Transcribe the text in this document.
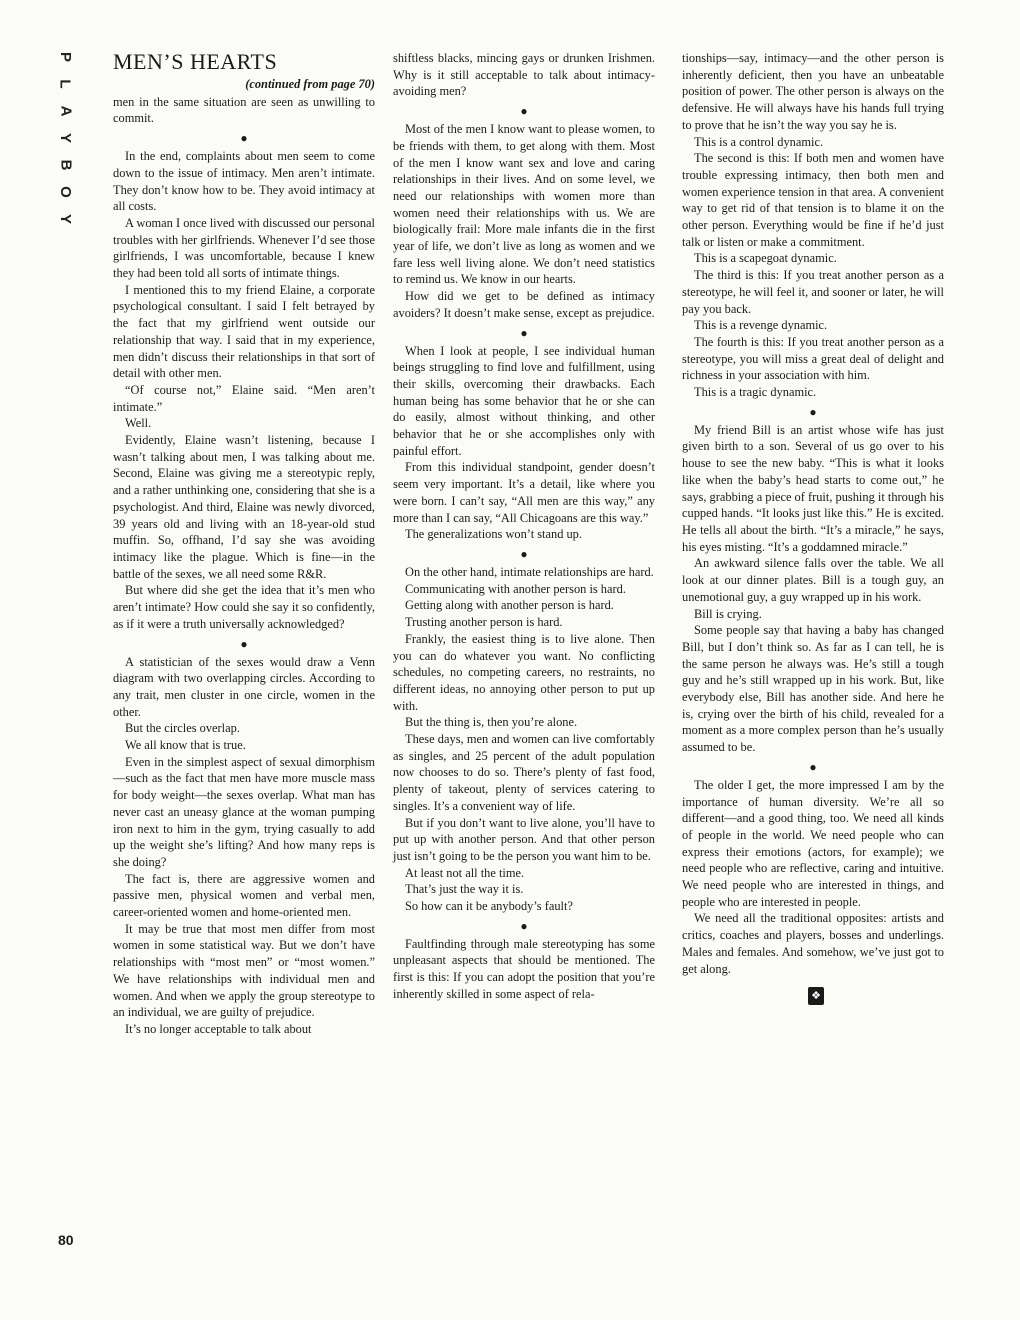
P
L
A
Y
B
O
Y
80
MEN’S HEARTS
(continued from page 70)

men in the same situation are seen as unwilling to commit.

●

In the end, complaints about men seem to come down to the issue of intimacy. Men aren’t intimate. They don’t know how to be. They avoid intimacy at all costs.

A woman I once lived with discussed our personal troubles with her girlfriends. Whenever I’d see those girlfriends, I was uncomfortable, because I knew they had been told all sorts of intimate things.

I mentioned this to my friend Elaine, a corporate psychological consultant. I said I felt betrayed by the fact that my girlfriend went outside our relationship that way. I said that in my experience, men didn’t discuss their relationships in that sort of detail with other men.

“Of course not,” Elaine said. “Men aren’t intimate.”

Well.

Evidently, Elaine wasn’t listening, because I wasn’t talking about men, I was talking about me. Second, Elaine was giving me a stereotypic reply, and a rather unthinking one, considering that she is a psychologist. And third, Elaine was newly divorced, 39 years old and living with an 18-year-old stud muffin. So, offhand, I’d say she was avoiding intimacy like the plague. Which is fine—in the battle of the sexes, we all need some R&R.

But where did she get the idea that it’s men who aren’t intimate? How could she say it so confidently, as if it were a truth universally acknowledged?

●

A statistician of the sexes would draw a Venn diagram with two overlapping circles. According to any trait, men cluster in one circle, women in the other.

But the circles overlap.

We all know that is true.

Even in the simplest aspect of sexual dimorphism—such as the fact that men have more muscle mass for body weight—the sexes overlap. What man has never cast an uneasy glance at the woman pumping iron next to him in the gym, trying casually to add up the weight she’s lifting? And how many reps is she doing?

The fact is, there are aggressive women and passive men, physical women and verbal men, career-oriented women and home-oriented men.

It may be true that most men differ from most women in some statistical way. But we don’t have relationships with “most men” or “most women.” We have relationships with individual men and women. And when we apply the group stereotype to an individual, we are guilty of prejudice.

It’s no longer acceptable to talk about

shiftless blacks, mincing gays or drunken Irishmen. Why is it still acceptable to talk about intimacy-avoiding men?

●

Most of the men I know want to please women, to be friends with them, to get along with them. Most of the men I know want sex and love and caring relationships in their lives. And on some level, we need our relationships with women more than women need their relationships with us. We are biologically frail: More male infants die in the first year of life, we don’t live as long as women and we fare less well living alone. We don’t need statistics to remind us. We know in our hearts.

How did we get to be defined as intimacy avoiders? It doesn’t make sense, except as prejudice.

●

When I look at people, I see individual human beings struggling to find love and fulfillment, using their skills, overcoming their drawbacks. Each human being has some behavior that he or she can do easily, almost without thinking, and other behavior that he or she accomplishes only with painful effort.

From this individual standpoint, gender doesn’t seem very important. It’s a detail, like where you were born. I can’t say, “All men are this way,” any more than I can say, “All Chicagoans are this way.”

The generalizations won’t stand up.

●

On the other hand, intimate relationships are hard.

Communicating with another person is hard.

Getting along with another person is hard.

Trusting another person is hard.

Frankly, the easiest thing is to live alone. Then you can do whatever you want. No conflicting schedules, no competing careers, no restraints, no different ideas, no annoying other person to put up with.

But the thing is, then you’re alone.

These days, men and women can live comfortably as singles, and 25 percent of the adult population now chooses to do so. There’s plenty of fast food, plenty of takeout, plenty of services catering to singles. It’s a convenient way of life.

But if you don’t want to live alone, you’ll have to put up with another person. And that other person just isn’t going to be the person you want him to be.

At least not all the time.

That’s just the way it is.

So how can it be anybody’s fault?

●

Faultfinding through male stereotyping has some unpleasant aspects that should be mentioned. The first is this: If you can adopt the position that you’re inherently skilled in some aspect of rela-

tionships—say, intimacy—and the other person is inherently deficient, then you have an unbeatable position of power. The other person is always on the defensive. He will always have his hands full trying to prove that he isn’t the way you say he is.

This is a control dynamic.

The second is this: If both men and women have trouble expressing intimacy, then both men and women experience tension in that area. A convenient way to get rid of that tension is to blame it on the other person. Everything would be fine if he’d just talk or listen or make a commitment.

This is a scapegoat dynamic.

The third is this: If you treat another person as a stereotype, he will feel it, and sooner or later, he will pay you back.

This is a revenge dynamic.

The fourth is this: If you treat another person as a stereotype, you will miss a great deal of delight and richness in your association with him.

This is a tragic dynamic.

●

My friend Bill is an artist whose wife has just given birth to a son. Several of us go over to his house to see the new baby. “This is what it looks like when the baby’s head starts to come out,” he says, grabbing a piece of fruit, pushing it through his cupped hands. “It looks just like this.” He is excited. He tells all about the birth. “It’s a miracle,” he says, his eyes misting. “It’s a goddamned miracle.”

An awkward silence falls over the table. We all look at our dinner plates. Bill is a tough guy, an unemotional guy, a guy wrapped up in his work.

Bill is crying.

Some people say that having a baby has changed Bill, but I don’t think so. As far as I can tell, he is the same person he always was. He’s still a tough guy and he’s still wrapped up in his work. But, like everybody else, Bill has another side. And here he is, crying over the birth of his child, revealed for a moment as a more complex person than he’s usually assumed to be.

●

The older I get, the more impressed I am by the importance of human diversity. We’re all so different—and a good thing, too. We need all kinds of people in the world. We need people who can express their emotions (actors, for example); we need people who are reflective, caring and intuitive. We need people who are interested in things, and people who are interested in people.

We need all the traditional opposites: artists and critics, coaches and players, bosses and underlings. Males and females. And somehow, we’ve just got to get along.

❖
